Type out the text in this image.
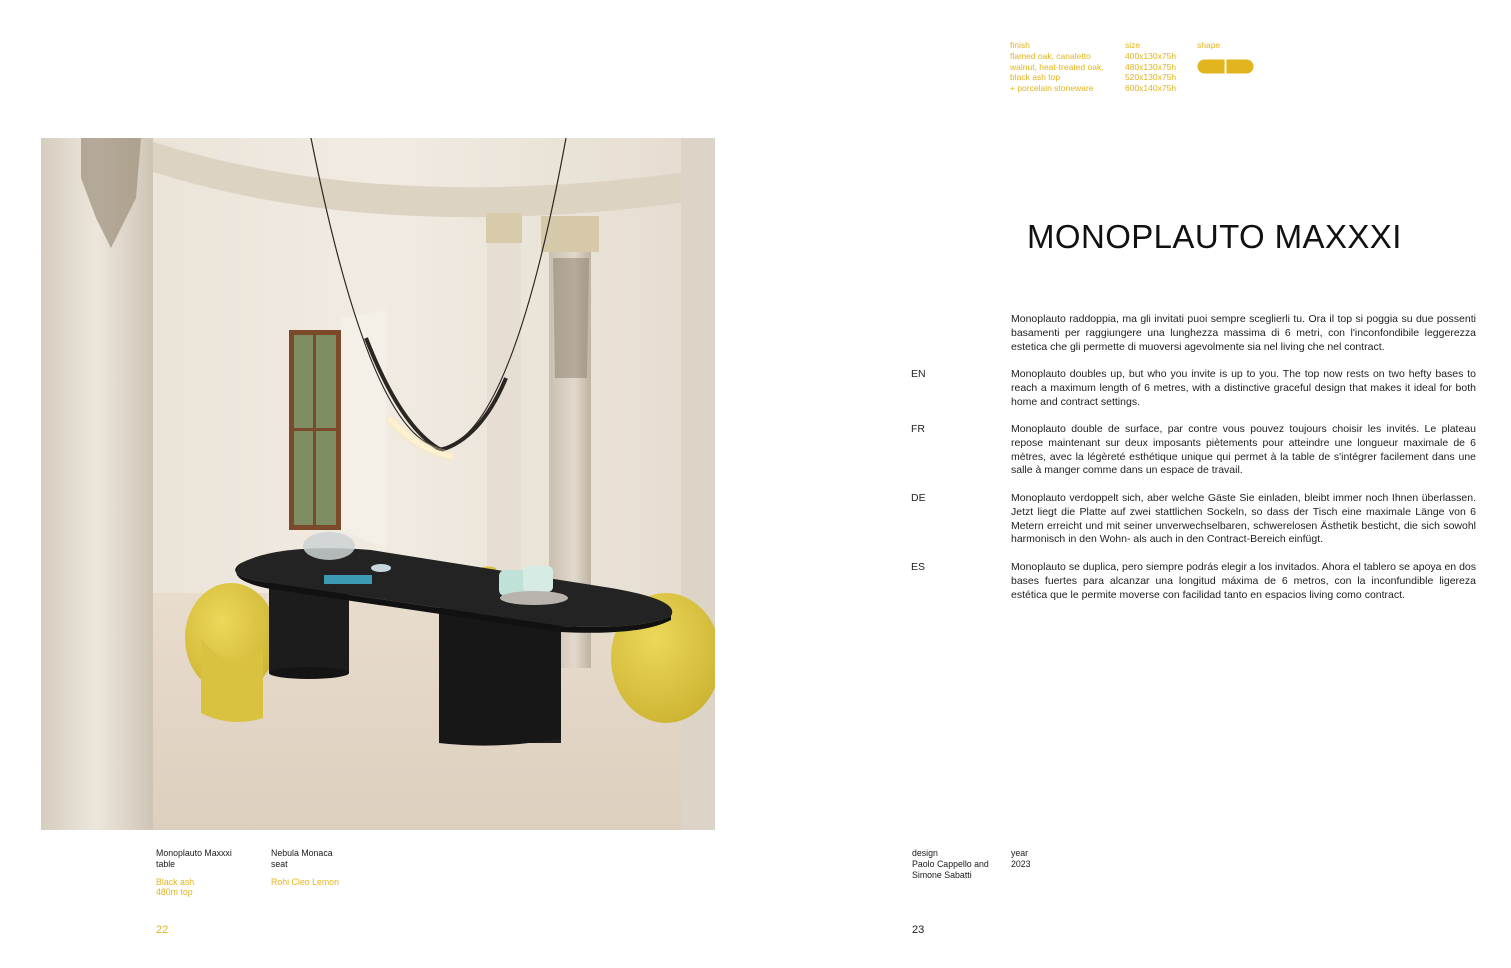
finish
flamed oak, canaletto
walnut, heat-treated oak,
black ash top
+ porcelain stoneware
size
400x130x75h
480x130x75h
520x130x75h
600x140x75h
shape
MONOPLAUTO MAXXXI
EN
FR
DE
ES

Monoplauto raddoppia, ma gli invitati puoi sempre sceglierli tu. Ora il top si poggia su due possenti basamenti per raggiungere una lunghezza massima di 6 metri, con l'inconfondibile leggerezza estetica che gli permette di muoversi agevolmente sia nel living che nel contract.

Monoplauto doubles up, but who you invite is up to you. The top now rests on two hefty bases to reach a maximum length of 6 metres, with a distinctive graceful design that makes it ideal for both home and contract settings.

Monoplauto double de surface, par contre vous pouvez toujours choisir les invités. Le plateau repose maintenant sur deux imposants piètements pour atteindre une longueur maximale de 6 mètres, avec la légèreté esthétique unique qui permet à la table de s'intégrer facilement dans une salle à manger comme dans un espace de travail.

Monoplauto verdoppelt sich, aber welche Gäste Sie einladen, bleibt immer noch Ihnen überlassen. Jetzt liegt die Platte auf zwei stattlichen Sockeln, so dass der Tisch eine maximale Länge von 6 Metern erreicht und mit seiner unverwechselbaren, schwerelosen Ästhetik besticht, die sich sowohl harmonisch in den Wohn- als auch in den Contract-Bereich einfügt.

Monoplauto se duplica, pero siempre podrás elegir a los invitados. Ahora el tablero se apoya en dos bases fuertes para alcanzar una longitud máxima de 6 metros, con la inconfundible ligereza estética que le permite moverse con facilidad tanto en espacios living como contract.

Monoplauto Maxxxi
table
Black ash
480m top
Nebula Monaca
seat
Rohi Cleo Lemon
design
Paolo Cappello and
Simone Sabatti
year
2023
22	23
